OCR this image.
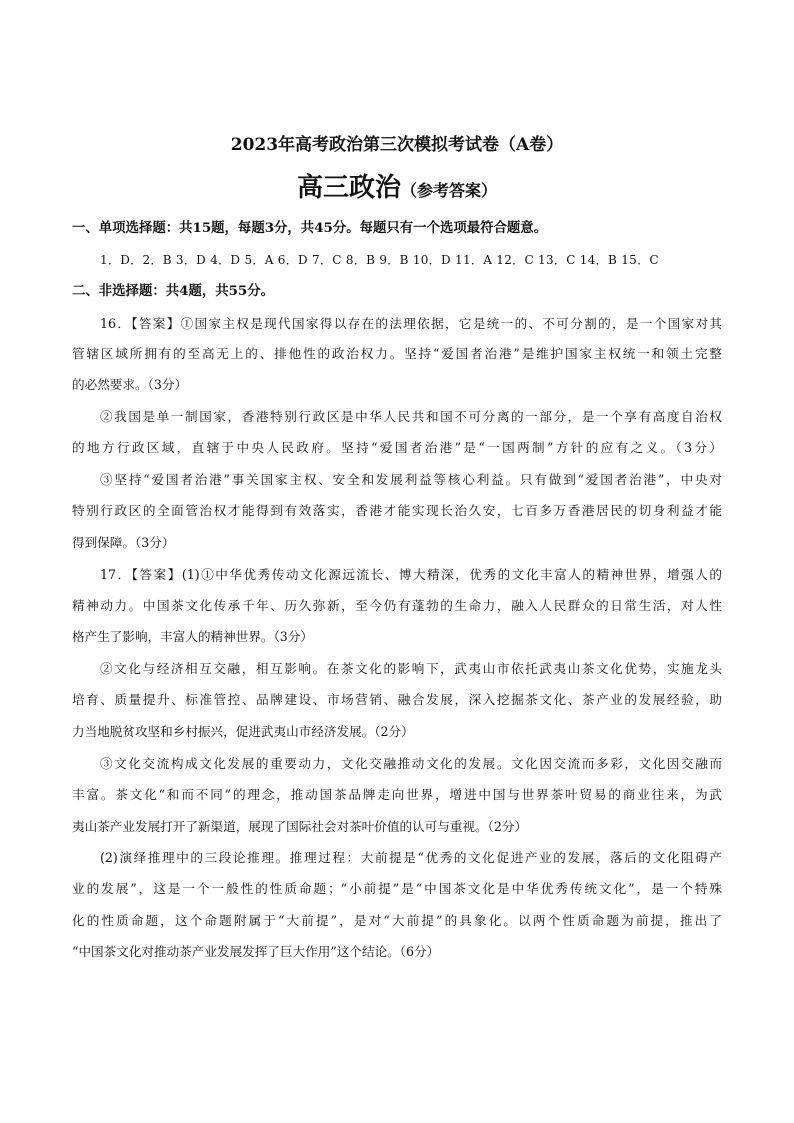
2023年高考政治第三次模拟考试卷（A卷）
高三政治（参考答案）
一、单项选择题：共15题，每题3分，共45分。每题只有一个选项最符合题意。
1．D．2．B 3．D 4．D 5．A 6．D 7．C 8．B 9．B 10．D 11．A 12．C 13．C 14．B 15．C
二、非选择题：共4题，共55分。
16．【答案】①国家主权是现代国家得以存在的法理依据，它是统一的、不可分割的，是一个国家对其
管辖区域所拥有的至高无上的、排他性的政治权力。坚持“爱国者治港”是维护国家主权统一和领土完整
的必然要求。（3分）
②我国是单一制国家，香港特别行政区是中华人民共和国不可分离的一部分，是一个享有高度自治权
的地方行政区域，直辖于中央人民政府。坚持“爱国者治港”是“一国两制”方针的应有之义。（3分）
③坚持“爱国者治港”事关国家主权、安全和发展利益等核心利益。只有做到“爱国者治港”，中央对
特别行政区的全面管治权才能得到有效落实，香港才能实现长治久安，七百多万香港居民的切身利益才能
得到保障。（3分）
17．【答案】(1)①中华优秀传动文化源远流长、博大精深，优秀的文化丰富人的精神世界，增强人的
精神动力。中国茶文化传承千年、历久弥新，至今仍有蓬勃的生命力，融入人民群众的日常生活，对人性
格产生了影响，丰富人的精神世界。（3分）
②文化与经济相互交融，相互影响。在茶文化的影响下，武夷山市依托武夷山茶文化优势，实施龙头
培育、质量提升、标准管控、品牌建设、市场营销、融合发展，深入挖掘茶文化、茶产业的发展经验，助
力当地脱贫攻坚和乡村振兴，促进武夷山市经济发展。（2分）
③文化交流构成文化发展的重要动力，文化交融推动文化的发展。文化因交流而多彩，文化因交融而
丰富。茶文化“和而不同”的理念，推动国茶品牌走向世界，增进中国与世界茶叶贸易的商业往来，为武
夷山茶产业发展打开了新渠道，展现了国际社会对茶叶价值的认可与重视。（2分）
(2)演绎推理中的三段论推理。推理过程：大前提是“优秀的文化促进产业的发展，落后的文化阻碍产
业的发展”，这是一个一般性的性质命题；“小前提”是“中国茶文化是中华优秀传统文化”，是一个特殊
化的性质命题，这个命题附属于“大前提”，是对“大前提”的具象化。以两个性质命题为前提，推出了
“中国茶文化对推动茶产业发展发挥了巨大作用”这个结论。（6分）
